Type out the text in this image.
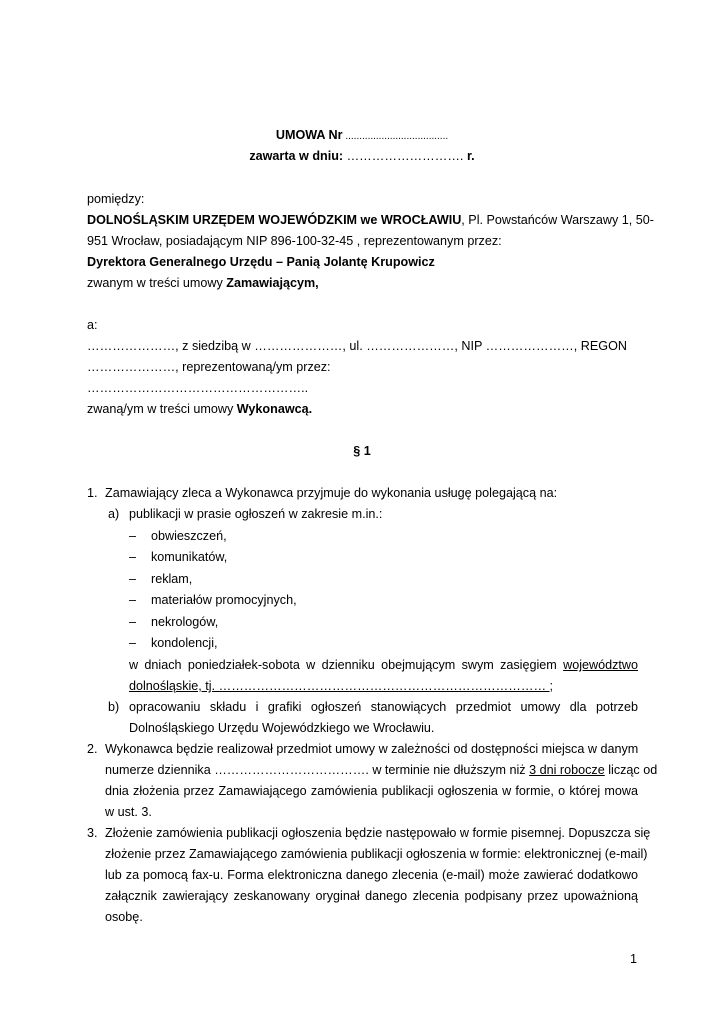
UMOWA Nr .....................................
zawarta w dniu: ………………………. r.
pomiędzy:
DOLNOŚLĄSKIM URZĘDEM WOJEWÓDZKIM we WROCŁAWIU, Pl. Powstańców Warszawy 1, 50-
951 Wrocław, posiadającym NIP 896-100-32-45 , reprezentowanym przez:
Dyrektora Generalnego Urzędu – Panią Jolantę Krupowicz
zwanym w treści umowy Zamawiającym,
a:
…………………, z siedzibą w …………………, ul. …………………, NIP …………………, REGON
…………………, reprezentowaną/ym przez:
……………………………………………..
zwaną/ym w treści umowy Wykonawcą.
§ 1
1. Zamawiający zleca a Wykonawca przyjmuje do wykonania usługę polegającą na:
a) publikacji w prasie ogłoszeń w zakresie m.in.:
– obwieszczeń,
– komunikatów,
– reklam,
– materiałów promocyjnych,
– nekrologów,
– kondolencji,
w dniach poniedziałek-sobota w dzienniku obejmującym swym zasięgiem województwo
dolnośląskie, tj. …………………………………………………………………… ;
b) opracowaniu składu i grafiki ogłoszeń stanowiących przedmiot umowy dla potrzeb
Dolnośląskiego Urzędu Wojewódzkiego we Wrocławiu.
2. Wykonawca będzie realizował przedmiot umowy w zależności od dostępności miejsca w danym
numerze dziennika ………………………………. w terminie nie dłuższym niż 3 dni robocze licząc od
dnia złożenia przez Zamawiającego zamówienia publikacji ogłoszenia w formie, o której mowa
w ust. 3.
3. Złożenie zamówienia publikacji ogłoszenia będzie następowało w formie pisemnej. Dopuszcza się
złożenie przez Zamawiającego zamówienia publikacji ogłoszenia w formie: elektronicznej (e-mail)
lub za pomocą fax-u. Forma elektroniczna danego zlecenia (e-mail) może zawierać dodatkowo
załącznik zawierający zeskanowany oryginał danego zlecenia podpisany przez upoważnioną
osobę.
1
